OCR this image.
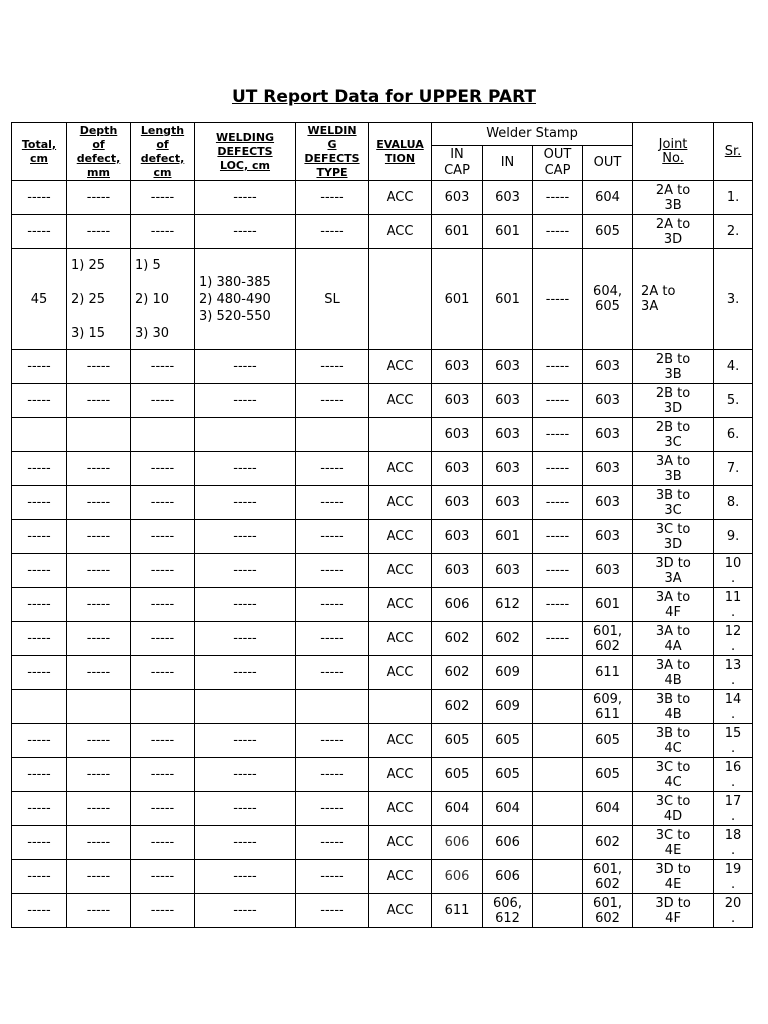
UT Report Data for UPPER PART
Total,
cm	Depth
of
defect,
mm	Length
of
defect,
cm	WELDING
DEFECTS
LOC, cm	WELDIN
G
DEFECTS
TYPE	EVALUA
TION	Welder Stamp				Joint
No.	Sr.
						IN
CAP	IN	OUT
CAP	OUT		
-----	-----	-----	-----	-----	ACC	603	603	-----	604	2A to
3B	1.
-----	-----	-----	-----	-----	ACC	601	601	-----	605	2A to
3D	2.
45	1) 25

2) 25

3) 15	1) 5

2) 10

3) 30	1) 380-385
2) 480-490
3) 520-550	SL		601	601	-----	604,
605	2A to
3A	3.
-----	-----	-----	-----	-----	ACC	603	603	-----	603	2B to
3B	4.
-----	-----	-----	-----	-----	ACC	603	603	-----	603	2B to
3D	5.
						603	603	-----	603	2B to
3C	6.
-----	-----	-----	-----	-----	ACC	603	603	-----	603	3A to
3B	7.
-----	-----	-----	-----	-----	ACC	603	603	-----	603	3B to
3C	8.
-----	-----	-----	-----	-----	ACC	603	601	-----	603	3C to
3D	9.
-----	-----	-----	-----	-----	ACC	603	603	-----	603	3D to
3A	10
.
-----	-----	-----	-----	-----	ACC	606	612	-----	601	3A to
4F	11
.
-----	-----	-----	-----	-----	ACC	602	602	-----	601,
602	3A to
4A	12
.
-----	-----	-----	-----	-----	ACC	602	609		611	3A to
4B	13
.
						602	609		609,
611	3B to
4B	14
.
-----	-----	-----	-----	-----	ACC	605	605		605	3B to
4C	15
.
-----	-----	-----	-----	-----	ACC	605	605		605	3C to
4C	16
.
-----	-----	-----	-----	-----	ACC	604	604		604	3C to
4D	17
.
-----	-----	-----	-----	-----	ACC	606	606		602	3C to
4E	18
.
-----	-----	-----	-----	-----	ACC	606	606		601,
602	3D to
4E	19
.
-----	-----	-----	-----	-----	ACC	611	606,
612		601,
602	3D to
4F	20
.
